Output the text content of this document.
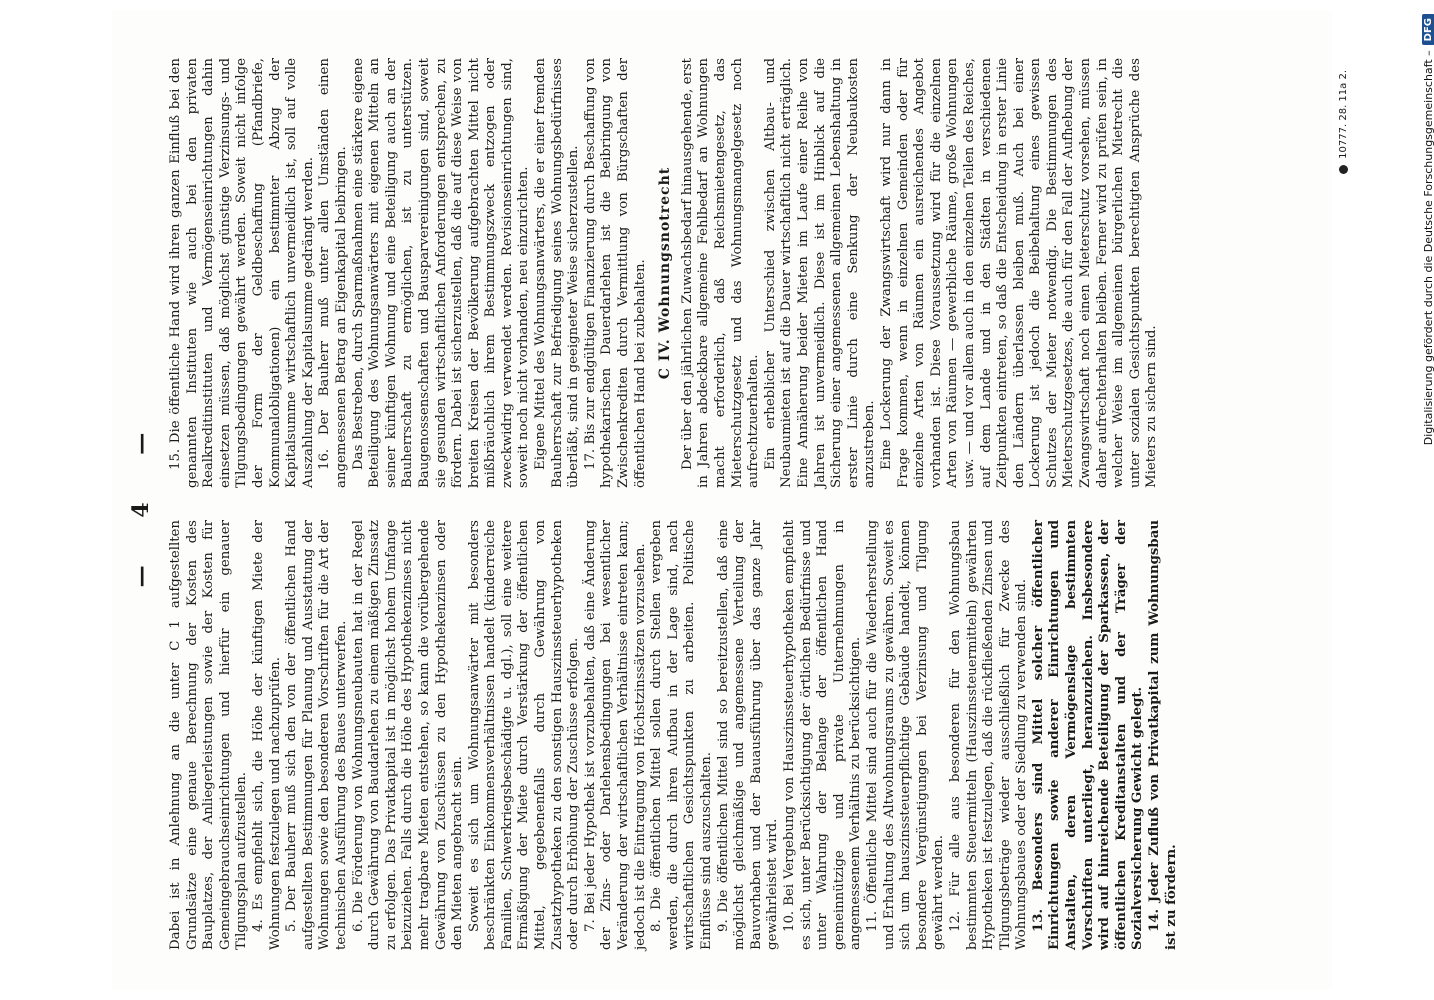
— 4 —

Dabei ist in Anlehnung an die unter C 1 aufgestellten Grundsätze eine genaue Berechnung der Kosten des Bauplatzes, der Anliegerleistungen sowie der Kosten für Gemeingebrauchseinrichtungen und hierfür ein genauer Tilgungsplan aufzustellen. 4. Es empfiehlt sich, die Höhe der künftigen Miete der Wohnungen festzulegen und nachzuprüfen. 5. Der Bauherr muß sich den von der öffentlichen Hand aufgestellten Bestimmungen für Planung und Ausstattung der Wohnungen sowie den besonderen Vorschriften für die Art der technischen Ausführung des Baues unterwerfen. 6. Die Förderung von Wohnungsneubauten hat in der Regel durch Gewährung von Baudarlehen zu einem mäßigen Zinssatz zu erfolgen. Das Privatkapital ist in möglichst hohem Umfange beizuziehen. Falls durch die Höhe des Hypothekenzinses nicht mehr tragbare Mieten entstehen, so kann die vorübergehende Gewährung von Zuschüssen zu den Hypothekenzinsen oder den Mieten angebracht sein. Soweit es sich um Wohnungsanwärter mit besonders beschränkten Einkommensverhältnissen handelt (kinderreiche Familien, Schwerkriegsbeschädigte u. dgl.), soll eine weitere Ermäßigung der Miete durch Verstärkung der öffentlichen Mittel, gegebenenfalls durch Gewährung von Zusatzhypotheken zu den sonstigen Hauszinssteuerhypotheken oder durch Erhöhung der Zuschüsse erfolgen. 7. Bei jeder Hypothek ist vorzubehalten, daß eine Änderung der Zins- oder Darlehensbedingungen bei wesentlicher Veränderung der wirtschaftlichen Verhältnisse eintreten kann; jedoch ist die Eintragung von Höchstzinssätzen vorzusehen. 8. Die öffentlichen Mittel sollen durch Stellen vergeben werden, die durch ihren Aufbau in der Lage sind, nach wirtschaftlichen Gesichtspunkten zu arbeiten. Politische Einflüsse sind auszuschalten. 9. Die öffentlichen Mittel sind so bereitzustellen, daß eine möglichst gleichmäßige und angemessene Verteilung der Bauvorhaben und der Bauausführung über das ganze Jahr gewährleistet wird. 10. Bei Vergebung von Hauszinssteuerhypotheken empfiehlt es sich, unter Berücksichtigung der örtlichen Bedürfnisse und unter Wahrung der Belange der öffentlichen Hand gemeinnützige und private Unternehmungen in angemessenem Verhältnis zu berücksichtigen. 11. Öffentliche Mittel sind auch für die Wiederherstellung und Erhaltung des Altwohnungsraums zu gewähren. Soweit es sich um hauszinssteuerpflichtige Gebäude handelt, können besondere Vergünstigungen bei Verzinsung und Tilgung gewährt werden. 12. Für alle aus besonderen für den Wohnungsbau bestimmten Steuermitteln (Hauszinssteuermitteln) gewährten Hypotheken ist festzulegen, daß die rückfließenden Zinsen und Tilgungsbeträge wieder ausschließlich für Zwecke des Wohnungsbaues oder der Siedlung zu verwenden sind. 13. Besonders sind Mittel solcher öffentlicher Einrichtungen sowie anderer Einrichtungen und Anstalten, deren Vermögenslage bestimmten Vorschriften unterliegt, heranzuziehen. Insbesondere wird auf hinreichende Beteiligung der Sparkassen, der öffentlichen Kreditanstalten und der Träger der Sozialversicherung Gewicht gelegt. 14. Jeder Zufluß von Privatkapital zum Wohnungsbau ist zu fördern.

15. Die öffentliche Hand wird ihren ganzen Einfluß bei den genannten Instituten wie auch bei den privaten Realkreditinstituten und Vermögenseinrichtungen dahin einsetzen müssen, daß möglichst günstige Verzinsungs- und Tilgungsbedingungen gewährt werden. Soweit nicht infolge der Form der Geldbeschaffung (Pfandbriefe, Kommunalobligationen) ein bestimmter Abzug der Kapitalsumme wirtschaftlich unvermeidlich ist, soll auf volle Auszahlung der Kapitalsumme gedrängt werden. 16. Der Bauherr muß unter allen Umständen einen angemessenen Betrag an Eigenkapital beibringen. Das Bestreben, durch Sparmaßnahmen eine stärkere eigene Beteiligung des Wohnungsanwärters mit eigenen Mitteln an seiner künftigen Wohnung und eine Beteiligung auch an der Bauherrschaft zu ermöglichen, ist zu unterstützen. Baugenossenschaften und Bausparvereinigungen sind, soweit sie gesunden wirtschaftlichen Anforderungen entsprechen, zu fördern. Dabei ist sicherzustellen, daß die auf diese Weise von breiten Kreisen der Bevölkerung aufgebrachten Mittel nicht mißbräuchlich ihrem Bestimmungszweck entzogen oder zweckwidrig verwendet werden. Revisionseinrichtungen sind, soweit noch nicht vorhanden, neu einzurichten. Eigene Mittel des Wohnungsanwärters, die er einer fremden Bauherrschaft zur Befriedigung seines Wohnungsbedürfnisses überläßt, sind in geeigneter Weise sicherzustellen. 17. Bis zur endgültigen Finanzierung durch Beschaffung von hypothekarischen Dauerdarlehen ist die Beibringung von Zwischenkrediten durch Vermittlung von Bürgschaften der öffentlichen Hand bei zubehalten. C IV. Wohnungsnotrecht Der über den jährlichen Zuwachsbedarf hinausgehende, erst in Jahren abdeckbare allgemeine Fehlbedarf an Wohnungen macht erforderlich, daß Reichsmietengesetz, das Mieterschutzgesetz und das Wohnungsmangelgesetz noch aufrechtzuerhalten. Ein erheblicher Unterschied zwischen Altbau- und Neubaumieten ist auf die Dauer wirtschaftlich nicht erträglich. Eine Annäherung beider Mieten im Laufe einer Reihe von Jahren ist unvermeidlich. Diese ist im Hinblick auf die Sicherung einer angemessenen allgemeinen Lebenshaltung in erster Linie durch eine Senkung der Neubaukosten anzustreben. Eine Lockerung der Zwangswirtschaft wird nur dann in Frage kommen, wenn in einzelnen Gemeinden oder für einzelne Arten von Räumen ein ausreichendes Angebot vorhanden ist. Diese Voraussetzung wird für die einzelnen Arten von Räumen — gewerbliche Räume, große Wohnungen usw. — und vor allem auch in den einzelnen Teilen des Reiches, auf dem Lande und in den Städten in verschiedenen Zeitpunkten eintreten, so daß die Entscheidung in erster Linie den Ländern überlassen bleiben muß. Auch bei einer Lockerung ist jedoch die Beibehaltung eines gewissen Schutzes der Mieter notwendig. Die Bestimmungen des Mieterschutzgesetzes, die auch für den Fall der Aufhebung der Zwangswirtschaft noch einen Mieterschutz vorsehen, müssen daher aufrechterhalten bleiben. Ferner wird zu prüfen sein, in welcher Weise im allgemeinen bürgerlichen Mietrecht die unter sozialen Gesichtspunkten berechtigten Ansprüche des Mieters zu sichern sind.

10777. 28. 11a 2.	Digitalisierung gefördert durch die Deutsche Forschungsgemeinschaft –
DFG
